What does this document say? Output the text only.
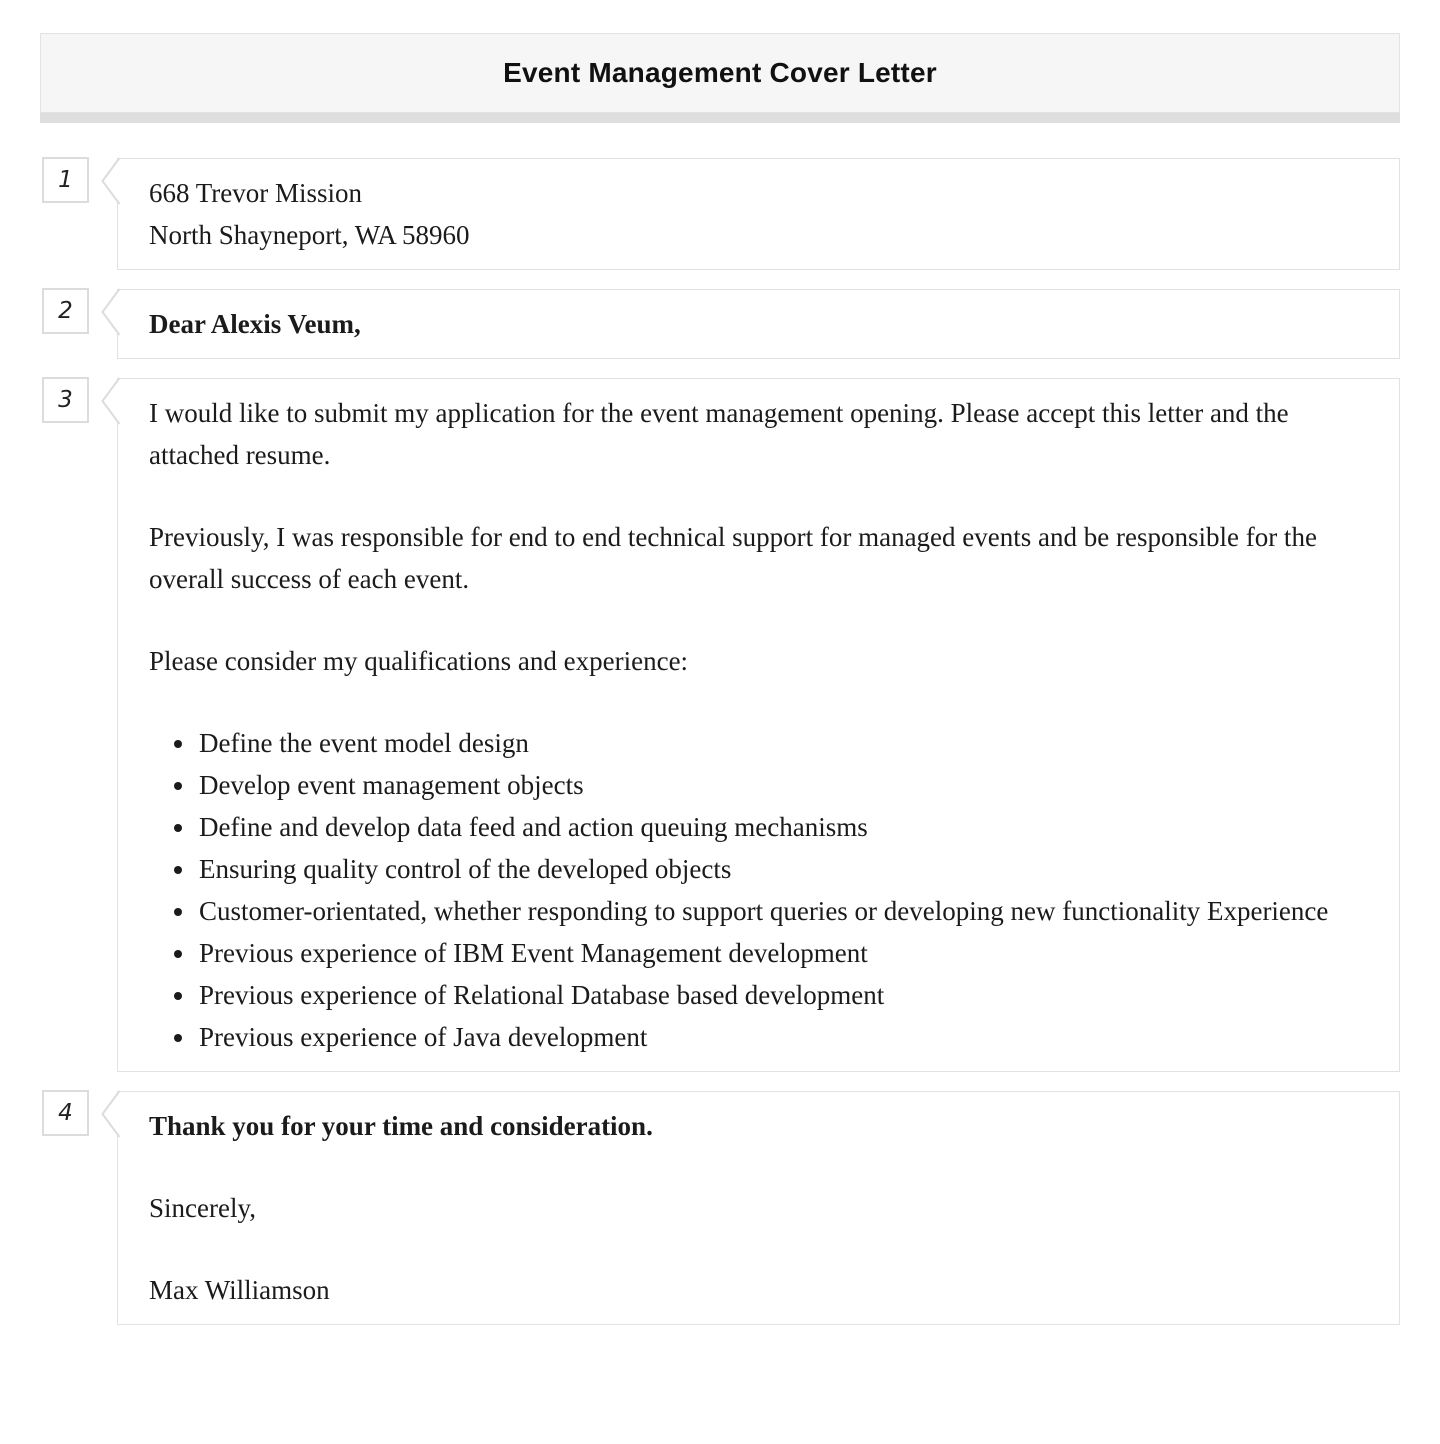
Event Management Cover Letter
1	668 Trevor Mission
North Shayneport, WA 58960
2	Dear Alexis Veum,

3	I would like to submit my application for the event management opening. Please accept this letter and the attached resume.

Previously, I was responsible for end to end technical support for managed events and be responsible for the overall success of each event.

Please consider my qualifications and experience:

• Define the event model design
• Develop event management objects
• Define and develop data feed and action queuing mechanisms
• Ensuring quality control of the developed objects
• Customer-orientated, whether responding to support queries or developing new functionality Experience
• Previous experience of IBM Event Management development
• Previous experience of Relational Database based development
• Previous experience of Java development
4	Thank you for your time and consideration.

Sincerely,

Max Williamson
